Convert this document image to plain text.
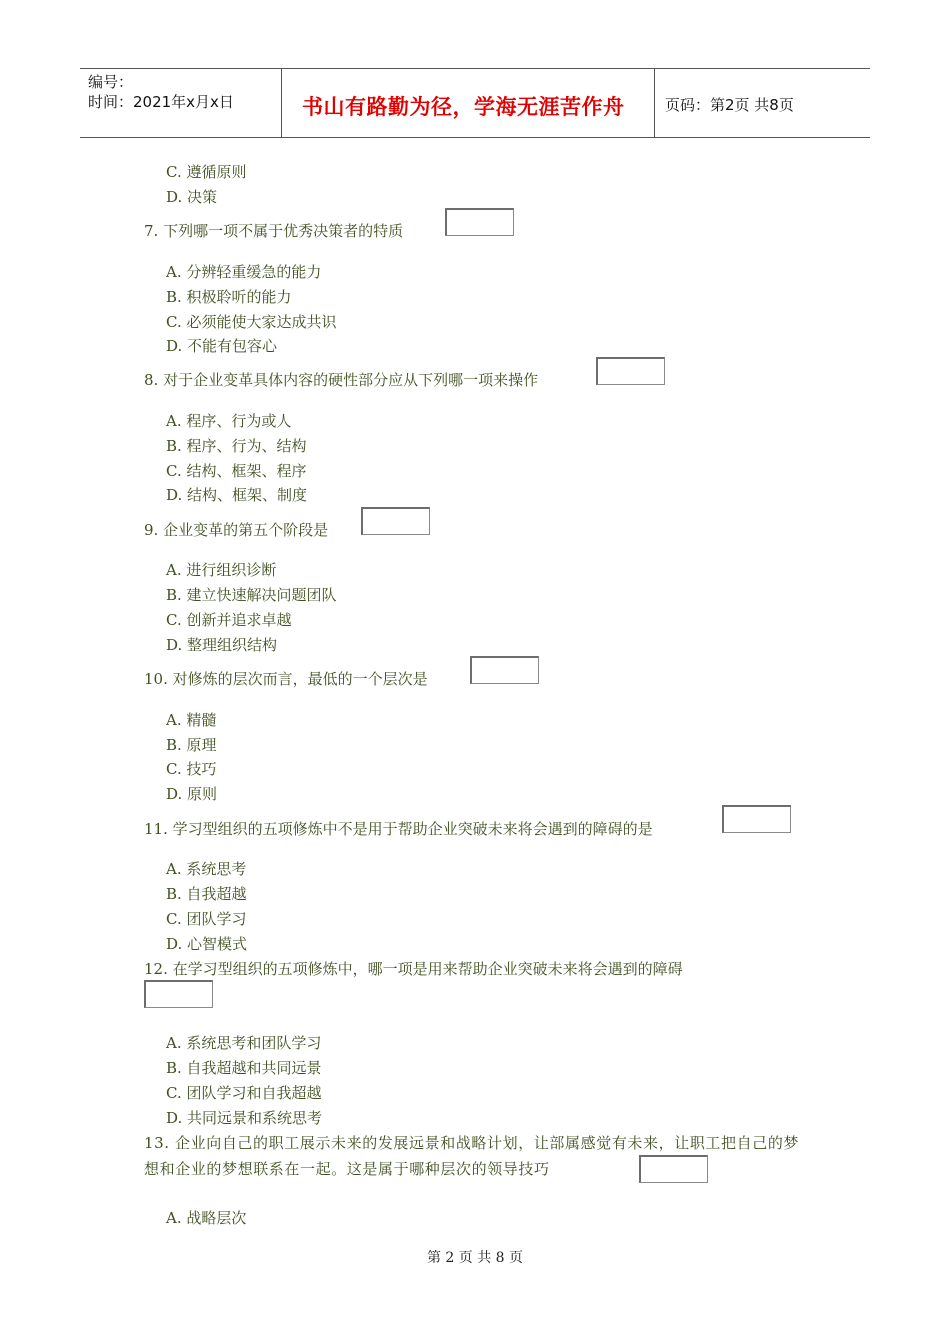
编号：
时间：2021年x月x日	书山有路勤为径，学海无涯苦作舟	页码：第2页 共8页
C. 遵循原则
D. 决策
7. 下列哪一项不属于优秀决策者的特质
A. 分辨轻重缓急的能力
B. 积极聆听的能力
C. 必须能使大家达成共识
D. 不能有包容心
8. 对于企业变革具体内容的硬性部分应从下列哪一项来操作
A. 程序、行为或人
B. 程序、行为、结构
C. 结构、框架、程序
D. 结构、框架、制度
9. 企业变革的第五个阶段是
A. 进行组织诊断
B. 建立快速解决问题团队
C. 创新并追求卓越
D. 整理组织结构
10. 对修炼的层次而言，最低的一个层次是
A. 精髓
B. 原理
C. 技巧
D. 原则
11. 学习型组织的五项修炼中不是用于帮助企业突破未来将会遇到的障碍的是
A. 系统思考
B. 自我超越
C. 团队学习
D. 心智模式
12. 在学习型组织的五项修炼中，哪一项是用来帮助企业突破未来将会遇到的障碍
A. 系统思考和团队学习
B. 自我超越和共同远景
C. 团队学习和自我超越
D. 共同远景和系统思考
13. 企业向自己的职工展示未来的发展远景和战略计划，让部属感觉有未来，让职工把自己的梦想和企业的梦想联系在一起。这是属于哪种层次的领导技巧
A. 战略层次
第 2 页 共 8 页
